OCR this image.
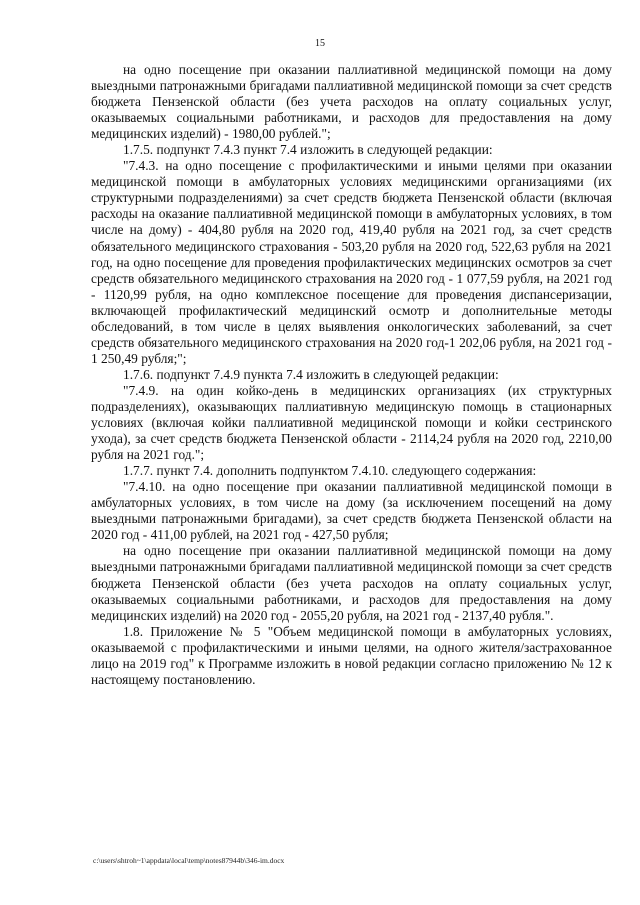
15

на одно посещение при оказании паллиативной медицинской помощи на дому выездными патронажными бригадами паллиативной медицинской помощи за счет средств бюджета Пензенской области (без учета расходов на оплату социальных услуг, оказываемых социальными работниками, и расходов для предоставления на дому медицинских изделий) - 1980,00 рублей.";

1.7.5. подпункт 7.4.3 пункт 7.4 изложить в следующей редакции:

"7.4.3. на одно посещение с профилактическими и иными целями при оказании медицинской помощи в амбулаторных условиях медицинскими организациями (их структурными подразделениями) за счет средств бюджета Пензенской области (включая расходы на оказание паллиативной медицинской помощи в амбулаторных условиях, в том числе на дому) - 404,80 рубля на 2020 год, 419,40 рубля на 2021 год, за счет средств обязательного медицинского страхования - 503,20 рубля на 2020 год, 522,63 рубля на 2021 год, на одно посещение для проведения профилактических медицинских осмотров за счет средств обязательного медицинского страхования на 2020 год - 1 077,59 рубля, на 2021 год - 1120,99 рубля, на одно комплексное посещение для проведения диспансеризации, включающей профилактический медицинский осмотр и дополнительные методы обследований, в том числе в целях выявления онкологических заболеваний, за счет средств обязательного медицинского страхования на 2020 год-1 202,06 рубля, на 2021 год - 1 250,49 рубля;";

1.7.6. подпункт 7.4.9 пункта 7.4 изложить в следующей редакции:

"7.4.9. на один койко-день в медицинских организациях (их структурных подразделениях), оказывающих паллиативную медицинскую помощь в стационарных условиях (включая койки паллиативной медицинской помощи и койки сестринского ухода), за счет средств бюджета Пензенской области - 2114,24 рубля на 2020 год, 2210,00 рубля на 2021 год.";

1.7.7. пункт 7.4. дополнить подпунктом 7.4.10. следующего содержания:

"7.4.10. на одно посещение при оказании паллиативной медицинской помощи в амбулаторных условиях, в том числе на дому (за исключением посещений на дому выездными патронажными бригадами), за счет средств бюджета Пензенской области на 2020 год - 411,00 рублей, на 2021 год - 427,50 рубля;

на одно посещение при оказании паллиативной медицинской помощи на дому выездными патронажными бригадами паллиативной медицинской помощи за счет средств бюджета Пензенской области (без учета расходов на оплату социальных услуг, оказываемых социальными работниками, и расходов для предоставления на дому медицинских изделий) на 2020 год - 2055,20 рубля, на 2021 год - 2137,40 рубля.".

1.8. Приложение № 5 "Объем медицинской помощи в амбулаторных условиях, оказываемой с профилактическими и иными целями, на одного жителя/застрахованное лицо на 2019 год" к Программе изложить в новой редакции согласно приложению № 12 к настоящему постановлению.

c:\users\shtroh~1\appdata\local\temp\notes87944b\346-im.docx
